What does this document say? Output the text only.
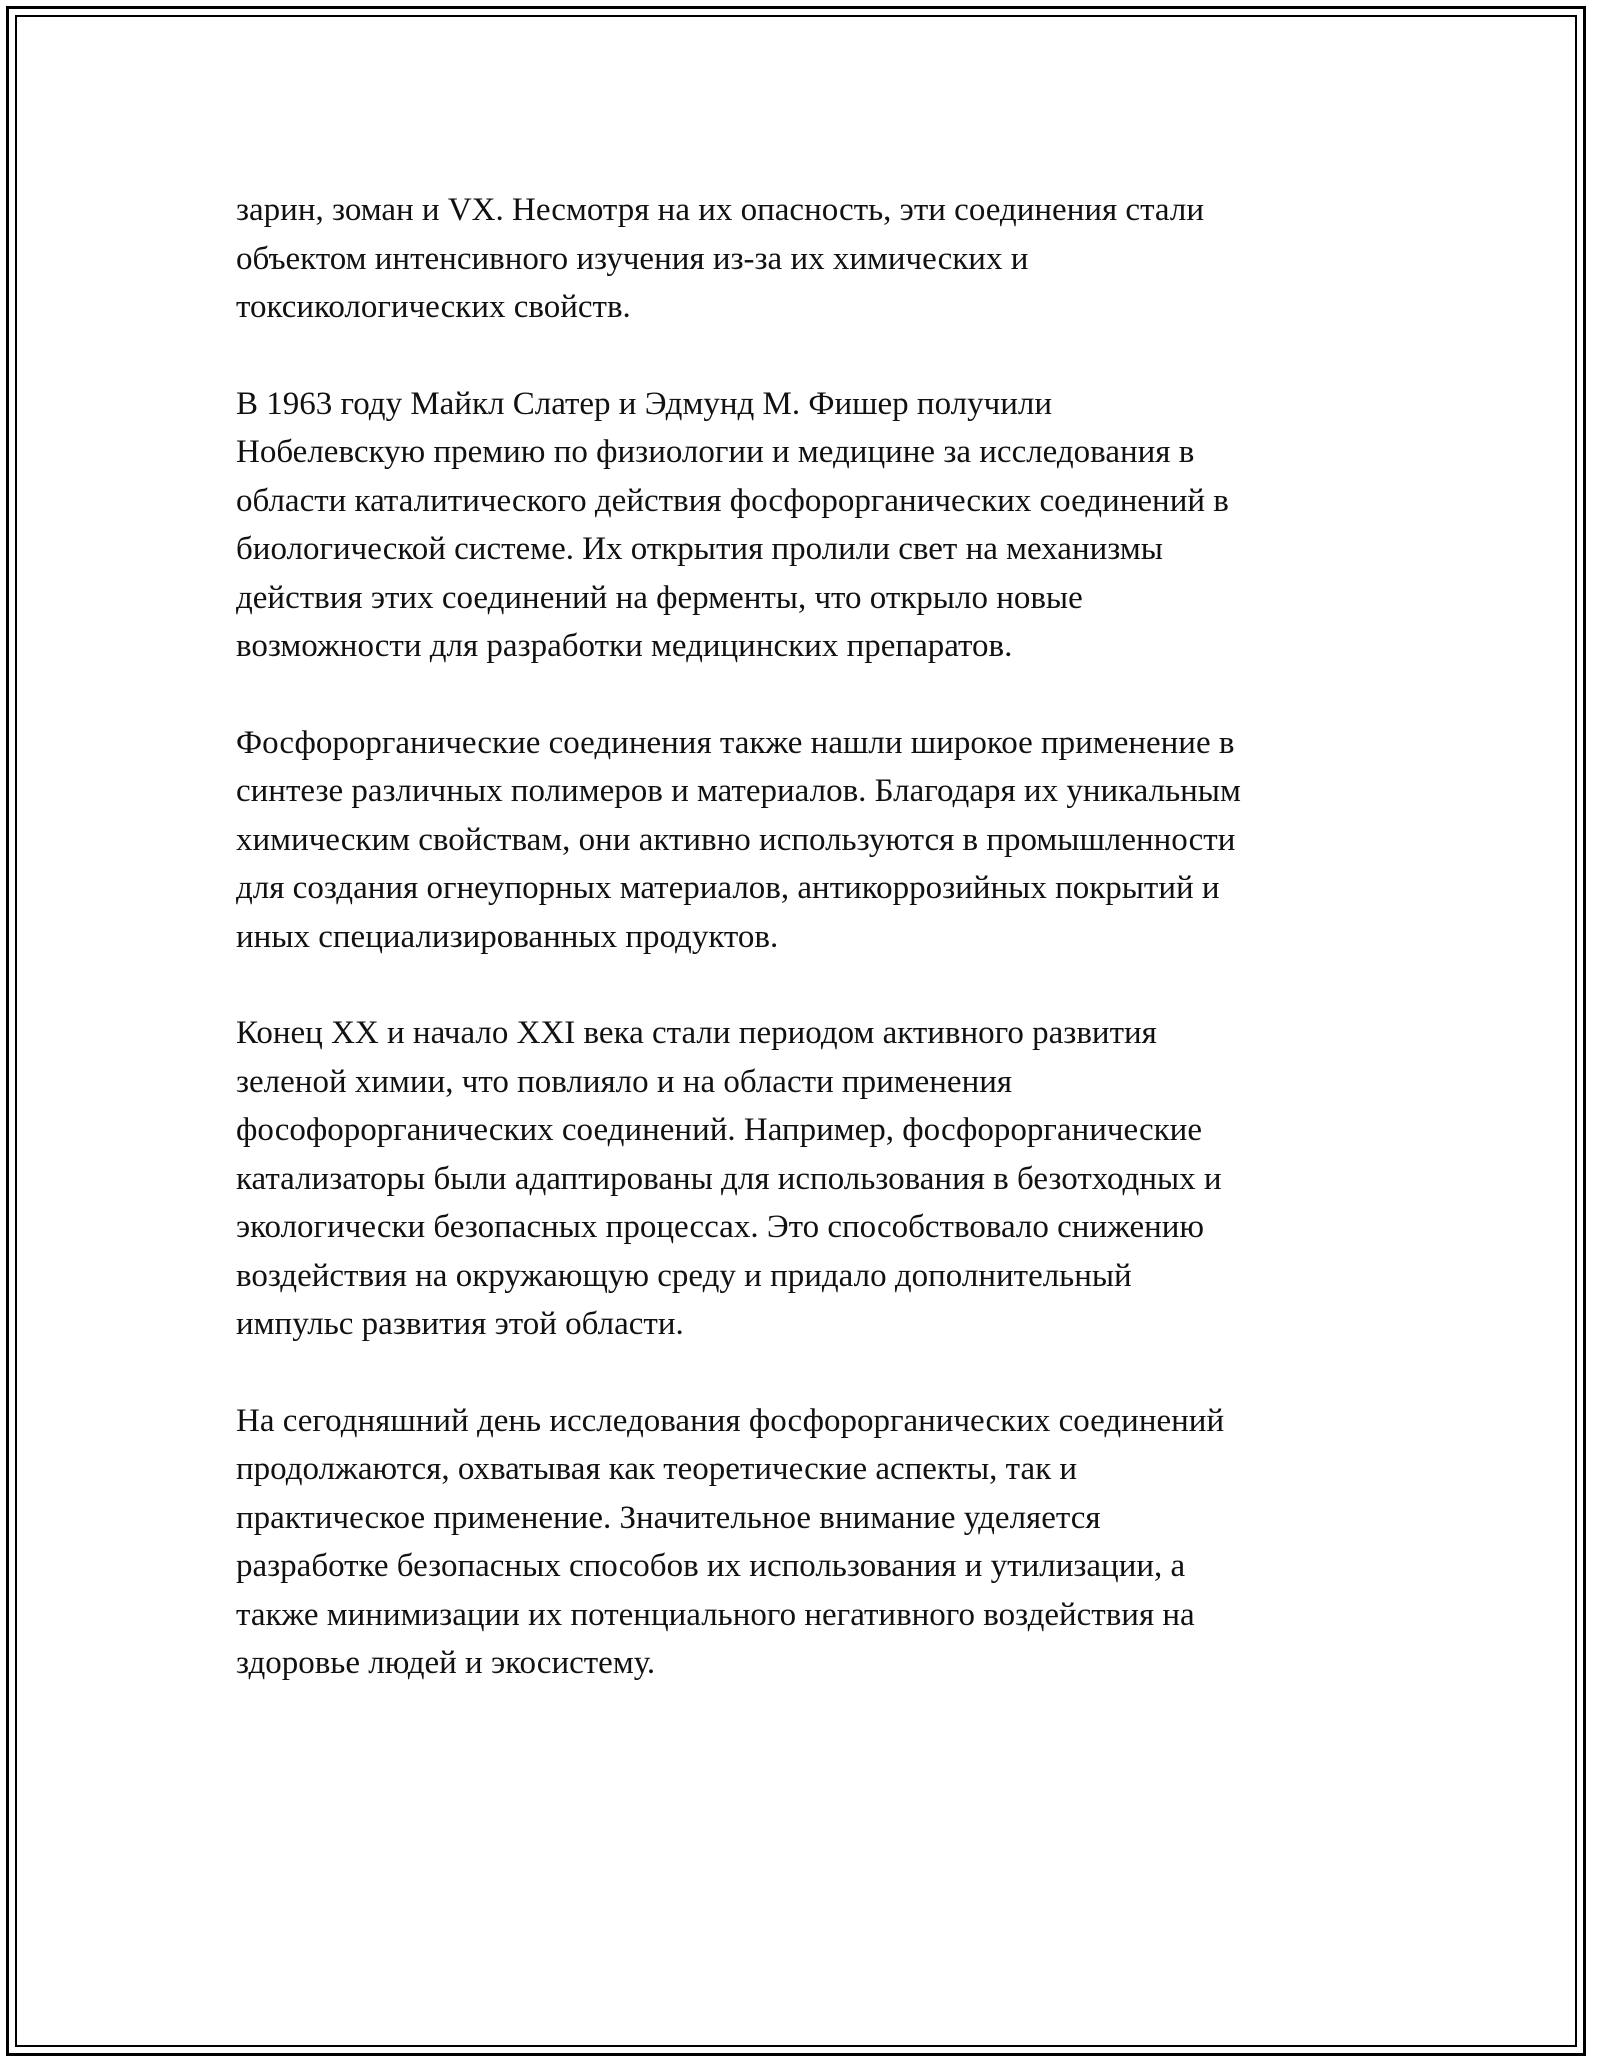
зарин, зоман и VX. Несмотря на их опасность, эти соединения стали
объектом интенсивного изучения из-за их химических и
токсикологических свойств.

В 1963 году Майкл Слатер и Эдмунд М. Фишер получили
Нобелевскую премию по физиологии и медицине за исследования в
области каталитического действия фосфорорганических соединений в
биологической системе. Их открытия пролили свет на механизмы
действия этих соединений на ферменты, что открыло новые
возможности для разработки медицинских препаратов.

Фосфорорганические соединения также нашли широкое применение в
синтезе различных полимеров и материалов. Благодаря их уникальным
химическим свойствам, они активно используются в промышленности
для создания огнеупорных материалов, антикоррозийных покрытий и
иных специализированных продуктов.

Конец XX и начало XXI века стали периодом активного развития
зеленой химии, что повлияло и на области применения
фософорорганических соединений. Например, фосфорорганические
катализаторы были адаптированы для использования в безотходных и
экологически безопасных процессах. Это способствовало снижению
воздействия на окружающую среду и придало дополнительный
импульс развития этой области.

На сегодняшний день исследования фосфорорганических соединений
продолжаются, охватывая как теоретические аспекты, так и
практическое применение. Значительное внимание уделяется
разработке безопасных способов их использования и утилизации, а
также минимизации их потенциального негативного воздействия на
здоровье людей и экосистему.
